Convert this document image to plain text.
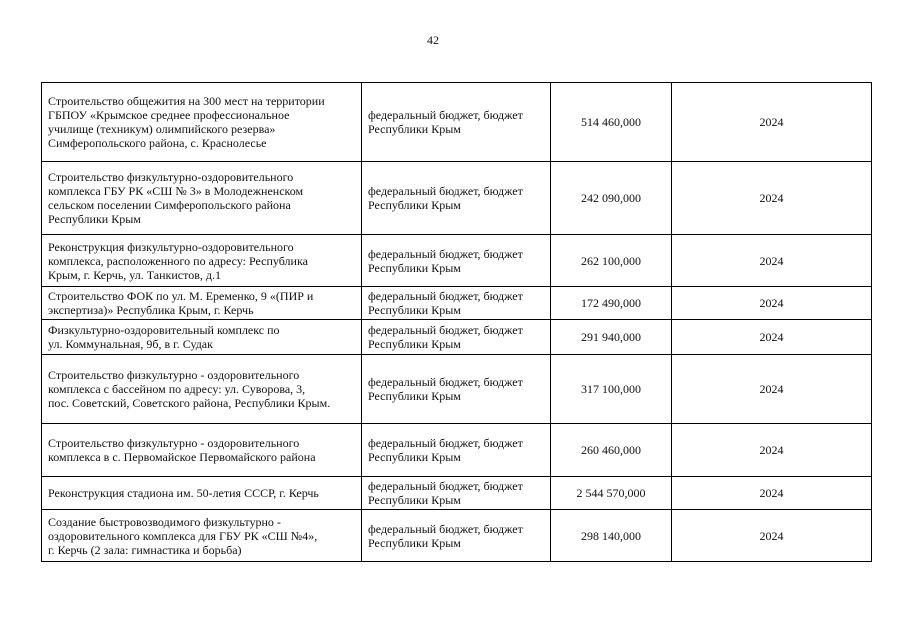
42
Строительство общежития на 300 мест на территории
ГБПОУ «Крымское среднее профессиональное
училище (техникум) олимпийского резерва»
Симферопольского района, с. Краснолесье	федеральный бюджет, бюджет
Республики Крым	514 460,000	2024

Строительство физкультурно-оздоровительного
комплекса ГБУ РК «СШ № 3» в Молодежненском
сельском поселении Симферопольского района
Республики Крым	федеральный бюджет, бюджет
Республики Крым	242 090,000	2024

Реконструкция физкультурно-оздоровительного
комплекса, расположенного по адресу: Республика
Крым, г. Керчь, ул. Танкистов, д.1	федеральный бюджет, бюджет
Республики Крым	262 100,000	2024

Строительство ФОК по ул. М. Еременко, 9 «(ПИР и
экспертиза)» Республика Крым, г. Керчь	федеральный бюджет, бюджет
Республики Крым	172 490,000	2024

Физкультурно-оздоровительный комплекс по
ул. Коммунальная, 9б, в г. Судак	федеральный бюджет, бюджет
Республики Крым	291 940,000	2024

Строительство физкультурно - оздоровительного
комплекса с бассейном по адресу: ул. Суворова, 3,
пос. Советский, Советского района, Республики Крым.	федеральный бюджет, бюджет
Республики Крым	317 100,000	2024

Строительство физкультурно - оздоровительного
комплекса в с. Первомайское Первомайского района	федеральный бюджет, бюджет
Республики Крым	260 460,000	2024

Реконструкция стадиона им. 50-летия СССР, г. Керчь	федеральный бюджет, бюджет
Республики Крым	2 544 570,000	2024

Создание быстровозводимого физкультурно -
оздоровительного комплекса для ГБУ РК «СШ №4»,
г. Керчь (2 зала: гимнастика и борьба)	федеральный бюджет, бюджет
Республики Крым	298 140,000	2024
